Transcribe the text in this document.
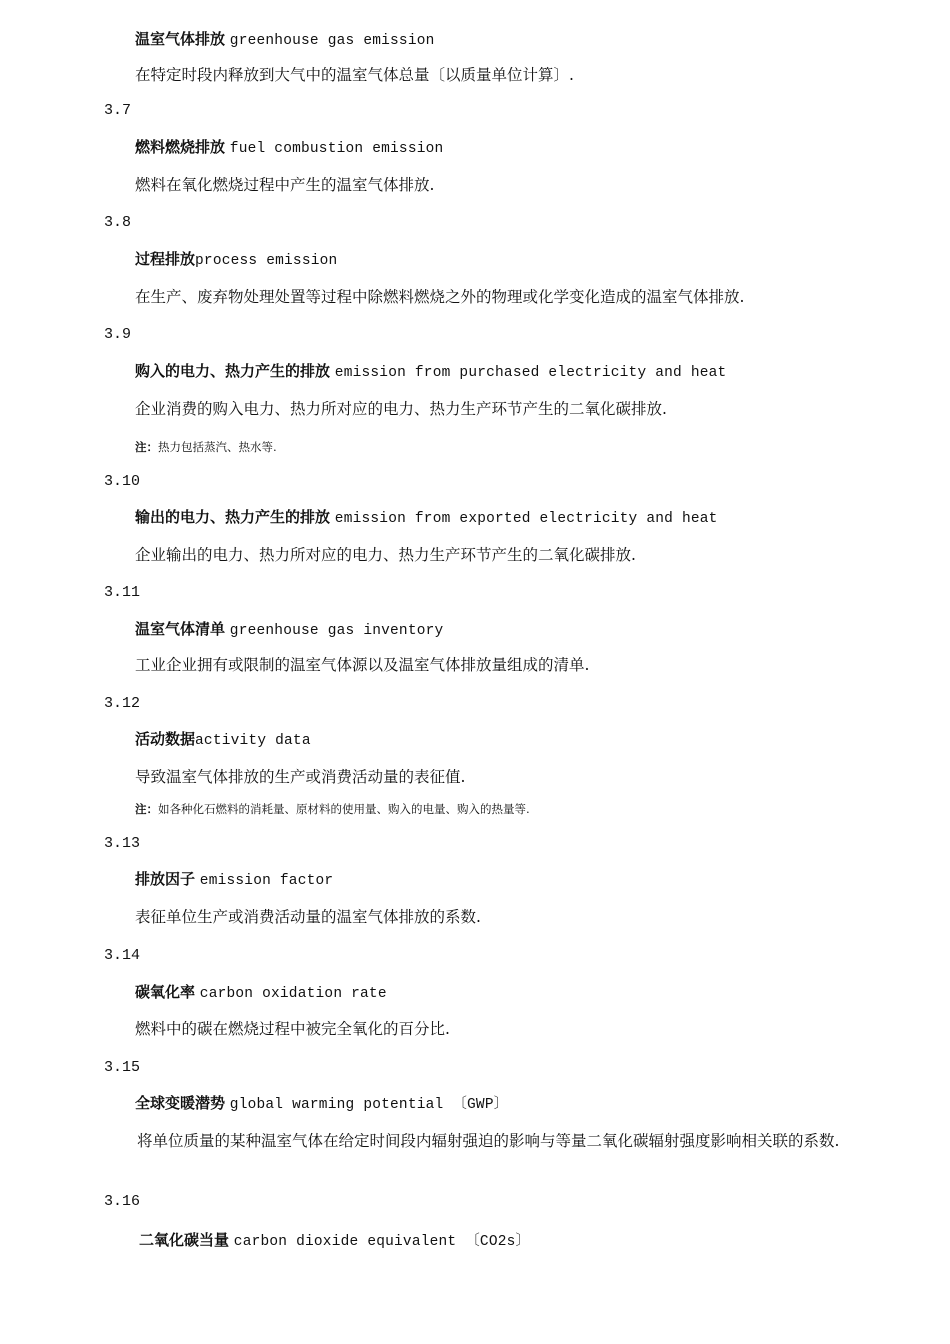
温室气体排放 greenhouse gas emission
在特定时段内释放到大气中的温室气体总量〔以质量单位计算〕.
3.7
燃料燃烧排放 fuel combustion emission
燃料在氧化燃烧过程中产生的温室气体排放.
3.8
过程排放process emission
在生产、废弃物处理处置等过程中除燃料燃烧之外的物理或化学变化造成的温室气体排放.
3.9
购入的电力、热力产生的排放 emission from purchased electricity and heat
企业消费的购入电力、热力所对应的电力、热力生产环节产生的二氧化碳排放.
注：热力包括蒸汽、热水等.
3.10
输出的电力、热力产生的排放 emission from exported electricity and heat
企业输出的电力、热力所对应的电力、热力生产环节产生的二氧化碳排放.
3.11
温室气体清单 greenhouse gas inventory
工业企业拥有或限制的温室气体源以及温室气体排放量组成的清单.
3.12
活动数据activity data
导致温室气体排放的生产或消费活动量的表征值.
注：如各种化石燃料的消耗量、原材料的使用量、购入的电量、购入的热量等.
3.13
排放因子 emission factor
表征单位生产或消费活动量的温室气体排放的系数.
3.14
碳氧化率 carbon oxidation rate
燃料中的碳在燃烧过程中被完全氧化的百分比.
3.15
全球变暖潜势 global warming potential 〔GWP〕
将单位质量的某种温室气体在给定时间段内辐射强迫的影响与等量二氧化碳辐射强度影响相关联的系数.
3.16
二氧化碳当量 carbon dioxide equivalent 〔CO2s〕
